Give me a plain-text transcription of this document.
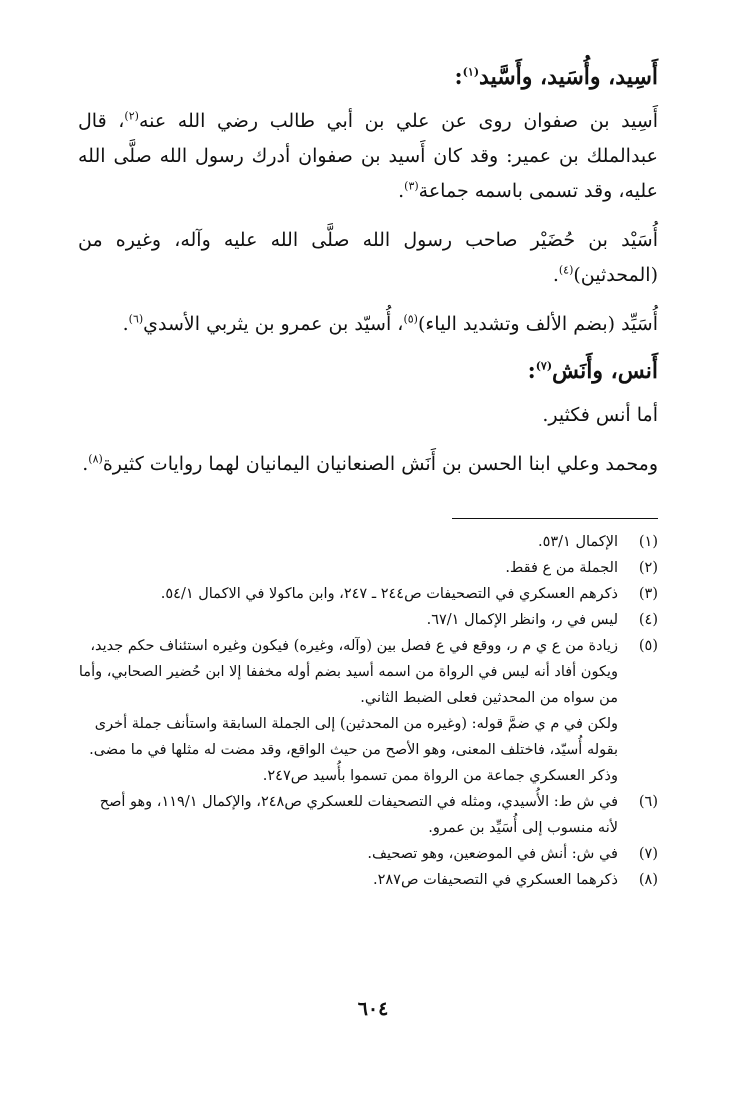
أَسِيد، وأُسَيد، وأَسَّيد$^{(١)}$:

أَسِيد بن صفوان روى عن علي بن أبي طالب رضي الله عنه$^{(٢)}$، قال عبدالملك بن عمير: وقد كان أَسيد بن صفوان أدرك رسول الله صلَّى الله عليه، وقد تسمى باسمه جماعة$^{(٣)}$.

أُسَيْد بن حُضَيْر صاحب رسول الله صلَّى الله عليه وآله، وغيره من (المحدثين)$^{(٤)}$.

أُسَيِّد (بضم الألف وتشديد الياء)$^{(٥)}$، أُسيّد بن عمرو بن يثربي الأسدي$^{(٦)}$.

أَنس، وأَنَش$^{(٧)}$:

أما أنس فكثير.

ومحمد وعلي ابنا الحسن بن أَنَش الصنعانيان اليمانيان لهما روايات كثيرة$^{(٨)}$.

(١)

الإكمال ٥٣/١.

(٢)

الجملة من ع فقط.

(٣)

ذكرهم العسكري في التصحيفات ص٢٤٤ ـ ٢٤٧، وابن ماكولا في الاكمال ٥٤/١.

(٤)

ليس في ر، وانظر الإكمال ٦٧/١.

(٥)

زيادة من ع ي م ر، ووقع في ع فصل بين (وآله، وغيره) فيكون وغيره استئناف حكم جديد، ويكون أفاد أنه ليس في الرواة من اسمه أسيد بضم أوله مخففا إلا ابن حُضير الصحابي، وأما من سواه من المحدثين فعلى الضبط الثاني.

ولكن في م ي ضمَّ قوله: (وغيره من المحدثين) إلى الجملة السابقة واستأنف جملة أخرى بقوله أُسيّد، فاختلف المعنى، وهو الأصح من حيث الواقع، وقد مضت له مثلها في ما مضى.

وذكر العسكري جماعة من الرواة ممن تسموا بأُسيد ص٢٤٧.

(٦)

في ش ط: الأُسيدي، ومثله في التصحيفات للعسكري ص٢٤٨، والإكمال ١١٩/١، وهو أصح لأنه منسوب إلى أُسَيِّد بن عمرو.

(٧)

في ش: أنش في الموضعين، وهو تصحيف.

(٨)

ذكرهما العسكري في التصحيفات ص٢٨٧.

٦٠٤
